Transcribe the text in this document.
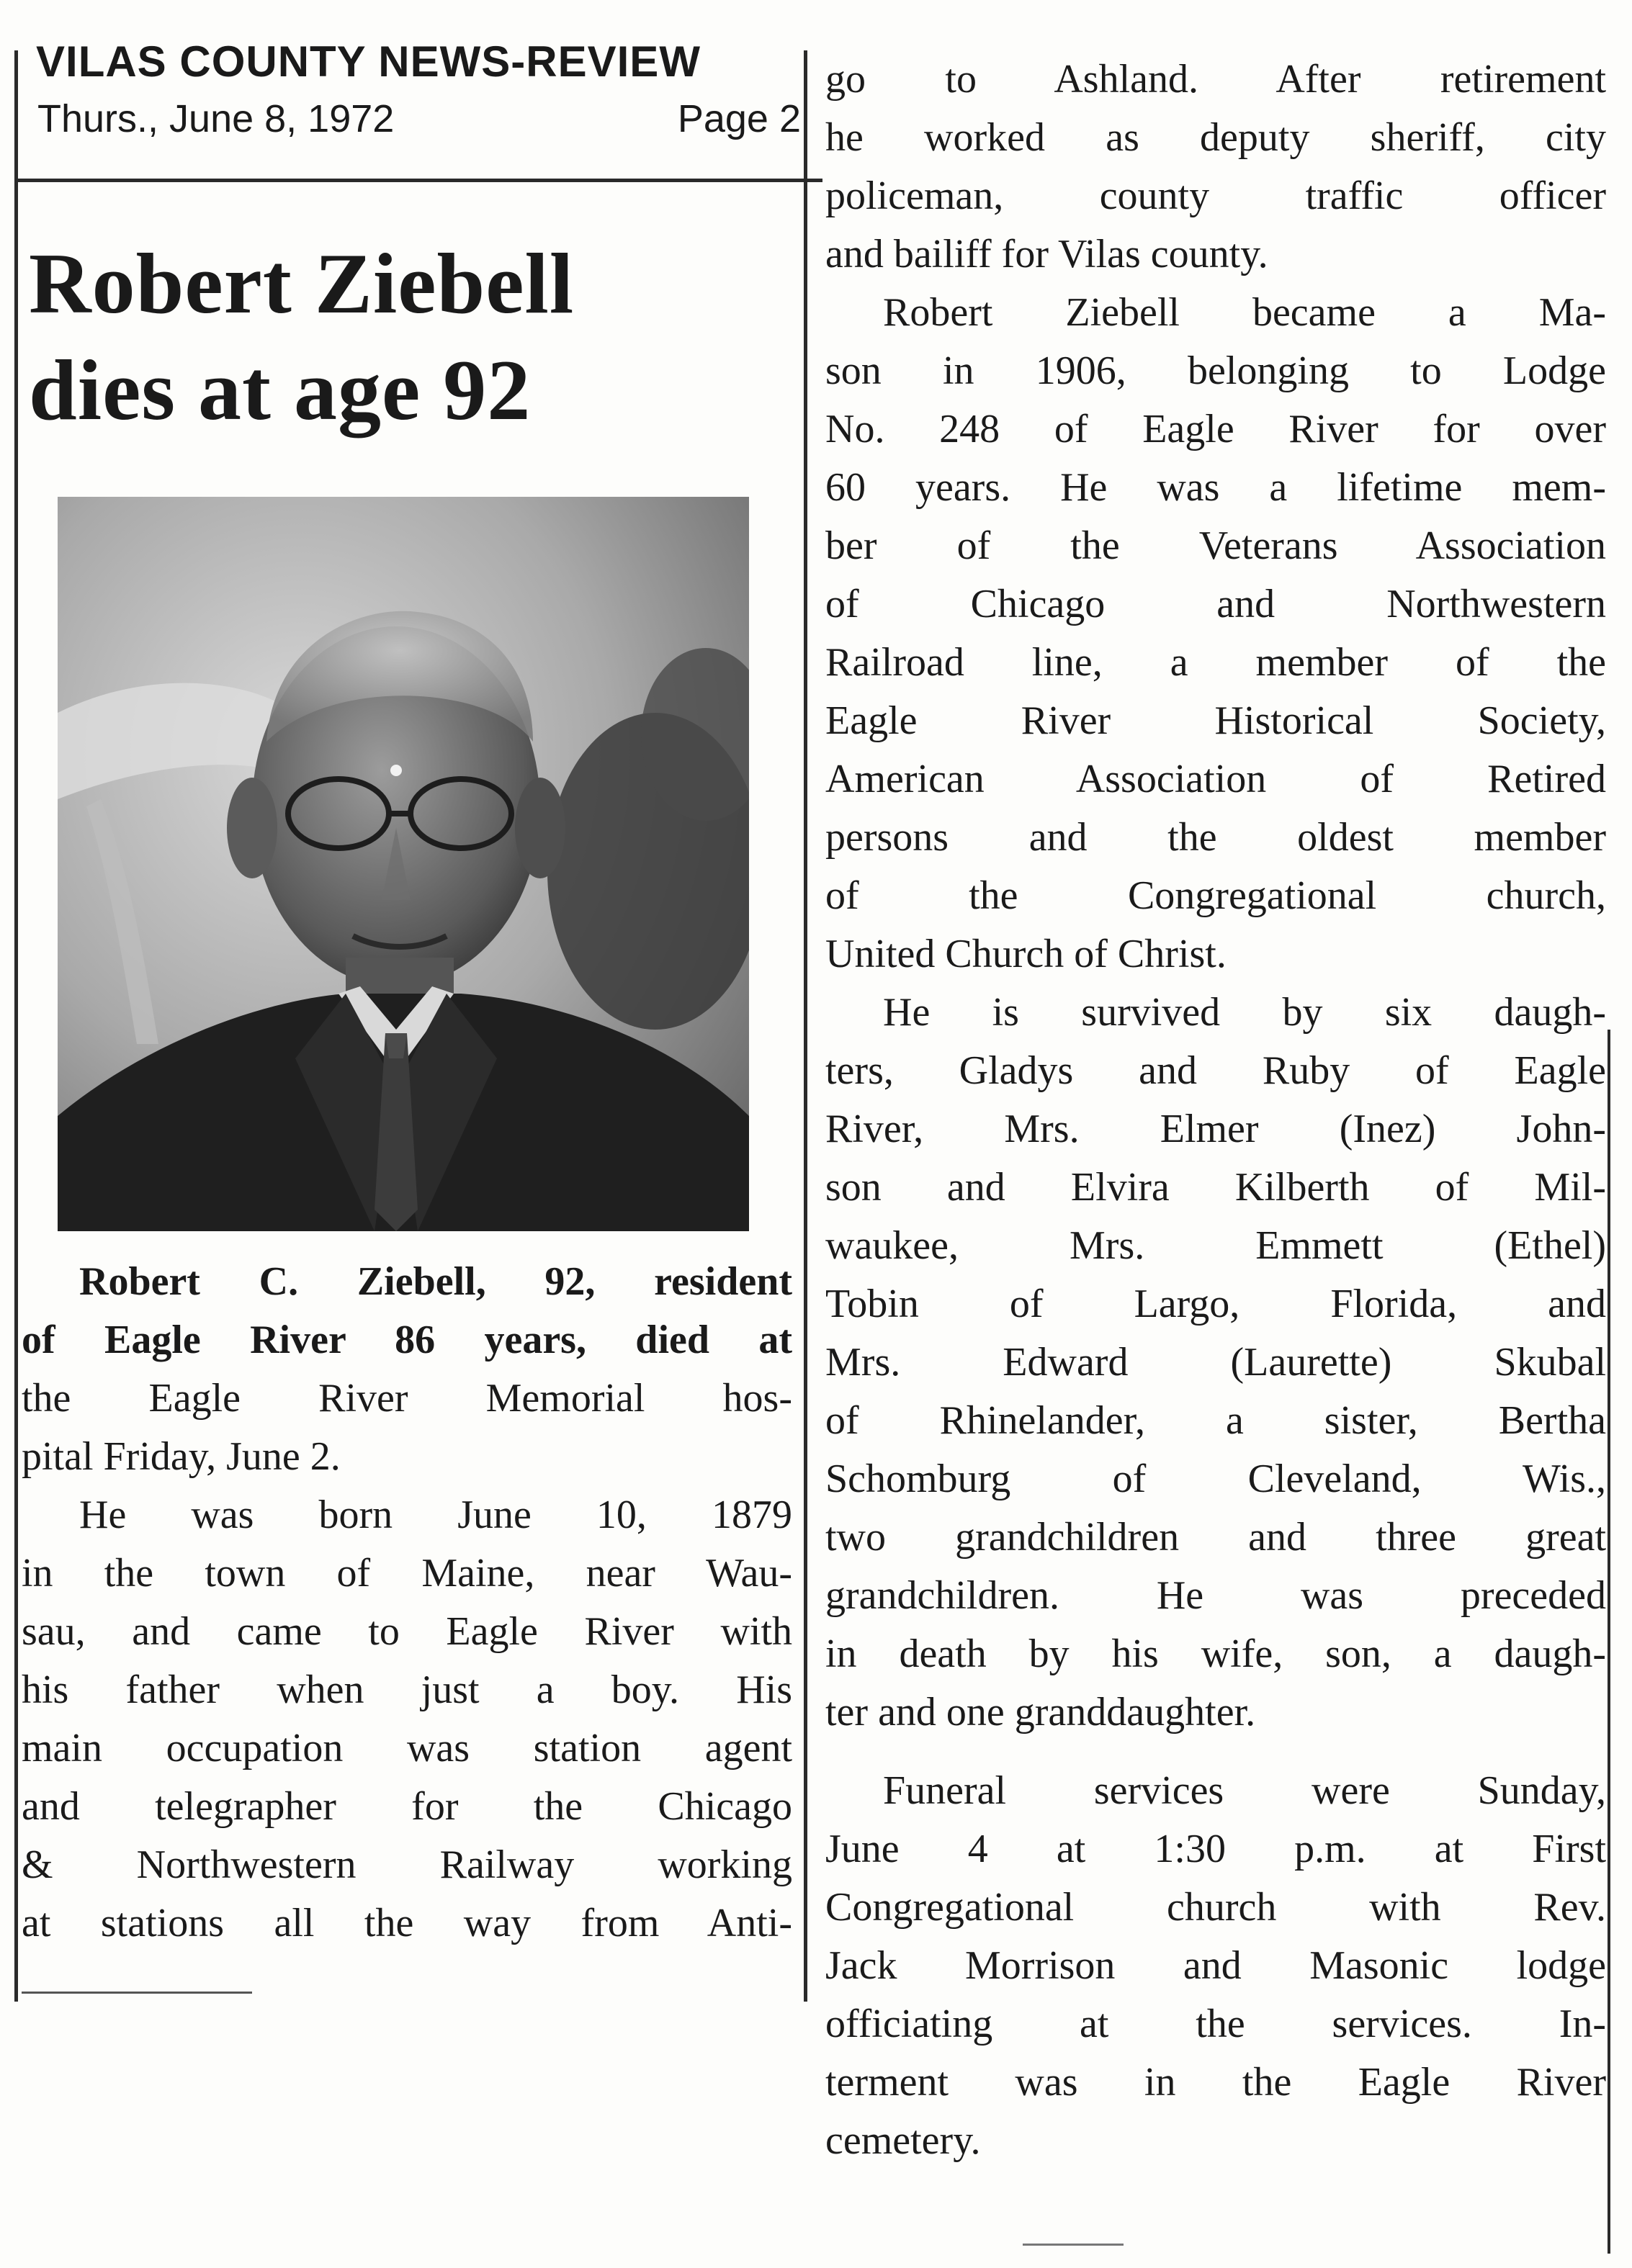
VILAS COUNTY NEWS-REVIEW
Thurs., June 8, 1972	Page 2
Robert Ziebell
dies at age 92
Robert C. Ziebell, 92, resident
of Eagle River 86 years, died at
the Eagle River Memorial hos-
pital Friday, June 2.
He was born June 10, 1879
in the town of Maine, near Wau-
sau, and came to Eagle River with
his father when just a boy. His
main occupation was station agent
and telegrapher for the Chicago
& Northwestern Railway working
at stations all the way from Anti-
go to Ashland. After retirement
he worked as deputy sheriff, city
policeman, county traffic officer
and bailiff for Vilas county.
Robert Ziebell became a Ma-
son in 1906, belonging to Lodge
No. 248 of Eagle River for over
60 years. He was a lifetime mem-
ber of the Veterans Association
of Chicago and Northwestern
Railroad line, a member of the
Eagle River Historical Society,
American Association of Retired
persons and the oldest member
of the Congregational church,
United Church of Christ.
He is survived by six daugh-
ters, Gladys and Ruby of Eagle
River, Mrs. Elmer (Inez) John-
son and Elvira Kilberth of Mil-
waukee, Mrs. Emmett (Ethel)
Tobin of Largo, Florida, and
Mrs. Edward (Laurette) Skubal
of Rhinelander, a sister, Bertha
Schomburg of Cleveland, Wis.,
two grandchildren and three great
grandchildren. He was preceded
in death by his wife, son, a daugh-
ter and one granddaughter.
Funeral services were Sunday,
June 4 at 1:30 p.m. at First
Congregational church with Rev.
Jack Morrison and Masonic lodge
officiating at the services. In-
terment was in the Eagle River
cemetery.
